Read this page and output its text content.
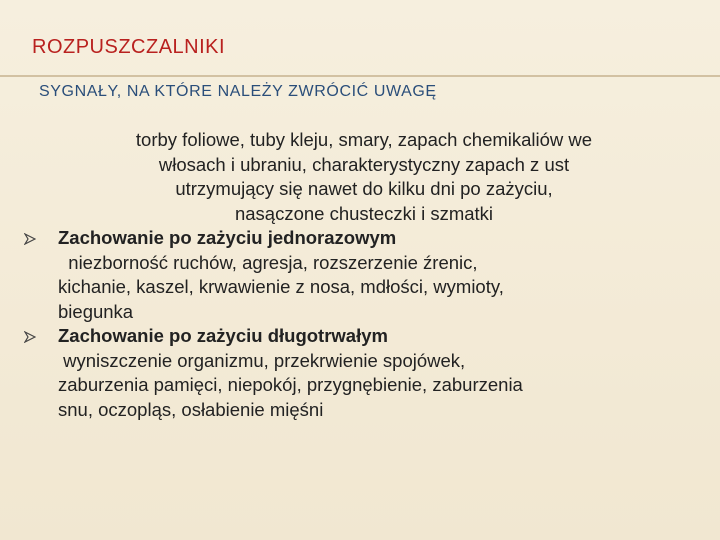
ROZPUSZCZALNIKI
SYGNAŁY, NA KTÓRE NALEŻY ZWRÓCIĆ UWAGĘ
torby foliowe, tuby kleju, smary, zapach chemikaliów we
włosach i ubraniu, charakterystyczny zapach z ust
utrzymujący się nawet do kilku dni po zażyciu,
nasączone chusteczki i szmatki
Zachowanie po zażyciu jednorazowym
niezborność ruchów, agresja, rozszerzenie źrenic,
kichanie, kaszel, krwawienie z nosa, mdłości, wymioty,
biegunka
Zachowanie po zażyciu długotrwałym
wyniszczenie organizmu, przekrwienie spojówek,
zaburzenia pamięci, niepokój, przygnębienie, zaburzenia
snu, oczopląs, osłabienie mięśni
